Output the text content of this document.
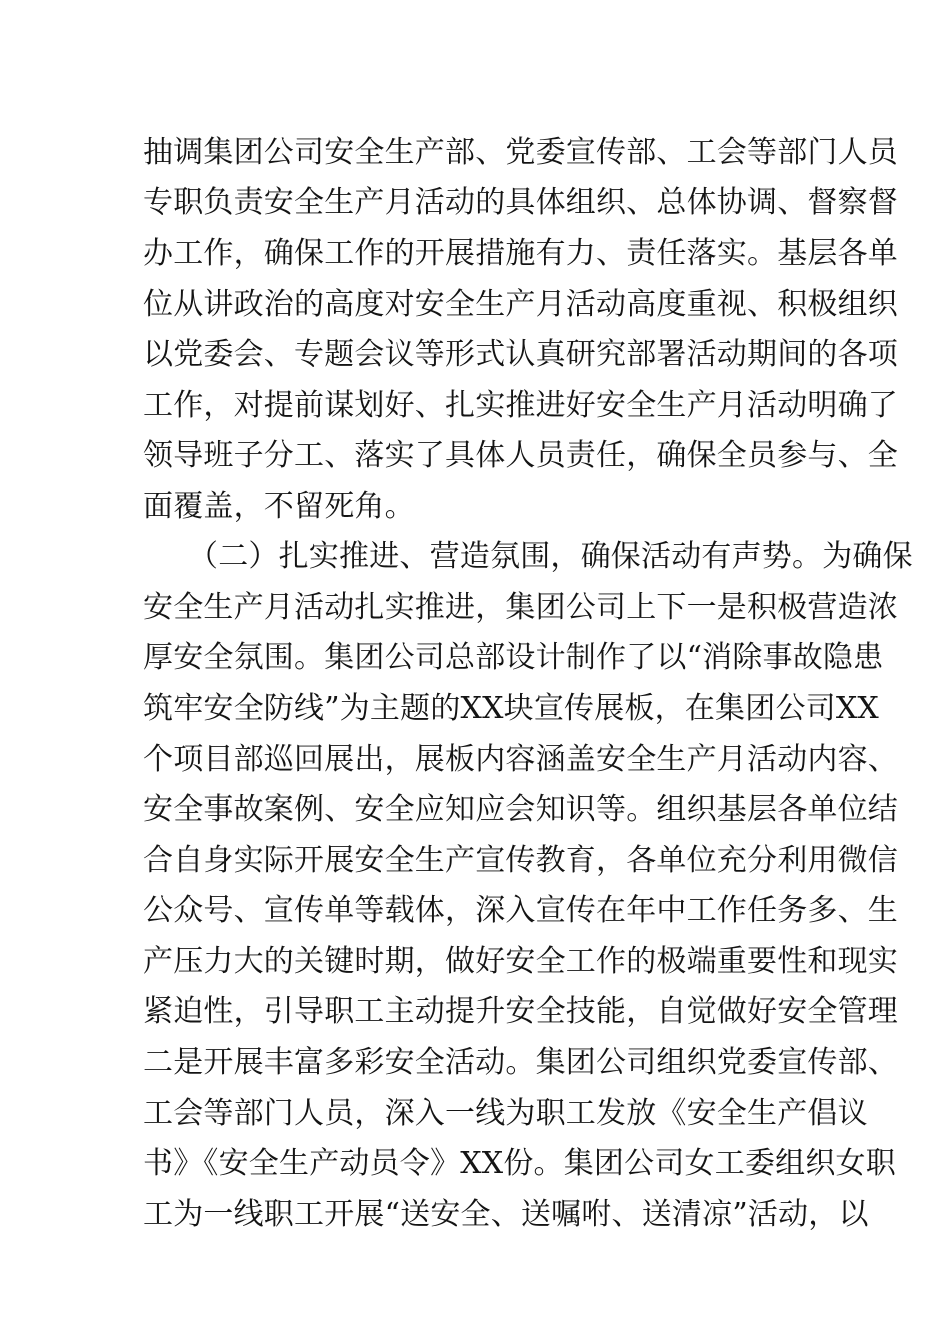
抽调集团公司安全生产部、党委宣传部、工会等部门人员
专职负责安全生产月活动的具体组织、总体协调、督察督
办工作，确保工作的开展措施有力、责任落实。基层各单
位从讲政治的高度对安全生产月活动高度重视、积极组织
以党委会、专题会议等形式认真研究部署活动期间的各项
工作，对提前谋划好、扎实推进好安全生产月活动明确了
领导班子分工、落实了具体人员责任，确保全员参与、全
面覆盖，不留死角。
（二）扎实推进、营造氛围，确保活动有声势。为确保
安全生产月活动扎实推进，集团公司上下一是积极营造浓
厚安全氛围。集团公司总部设计制作了以“消除事故隐患
筑牢安全防线”为主题的XX块宣传展板，在集团公司XX
个项目部巡回展出，展板内容涵盖安全生产月活动内容、
安全事故案例、安全应知应会知识等。组织基层各单位结
合自身实际开展安全生产宣传教育，各单位充分利用微信
公众号、宣传单等载体，深入宣传在年中工作任务多、生
产压力大的关键时期，做好安全工作的极端重要性和现实
紧迫性，引导职工主动提升安全技能，自觉做好安全管理
二是开展丰富多彩安全活动。集团公司组织党委宣传部、
工会等部门人员，深入一线为职工发放《安全生产倡议
书》《安全生产动员令》XX份。集团公司女工委组织女职
工为一线职工开展“送安全、送嘱咐、送清凉”活动，以
